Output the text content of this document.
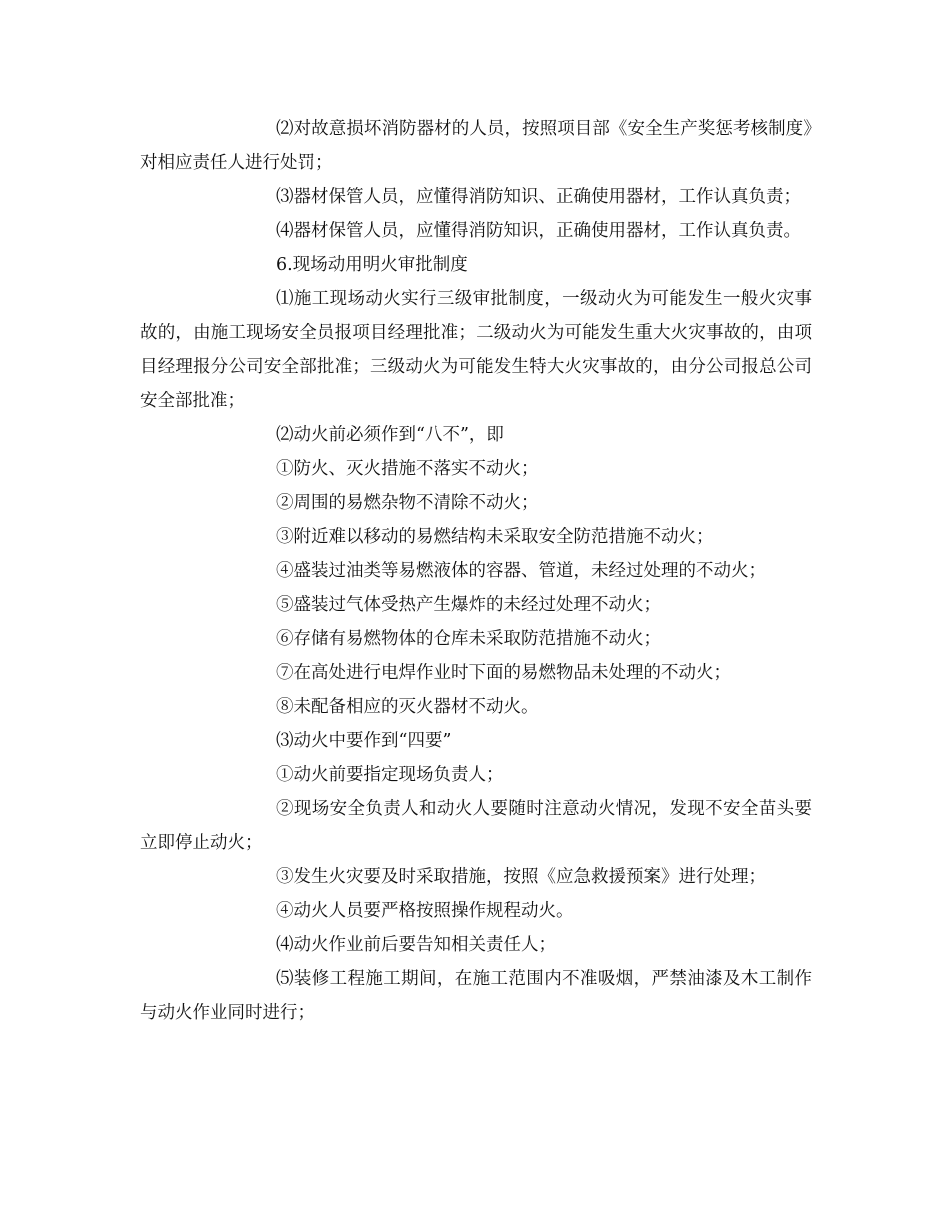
⑵对故意损坏消防器材的人员，按照项目部《安全生产奖惩考核制度》对相应责任人进行处罚；

⑶器材保管人员，应懂得消防知识、正确使用器材，工作认真负责；

⑷器材保管人员，应懂得消防知识，正确使用器材，工作认真负责。

6.现场动用明火审批制度

⑴施工现场动火实行三级审批制度，一级动火为可能发生一般火灾事故的，由施工现场安全员报项目经理批准；二级动火为可能发生重大火灾事故的，由项目经理报分公司安全部批准；三级动火为可能发生特大火灾事故的，由分公司报总公司安全部批准；

⑵动火前必须作到“八不”，即

①防火、灭火措施不落实不动火；

②周围的易燃杂物不清除不动火；

③附近难以移动的易燃结构未采取安全防范措施不动火；

④盛装过油类等易燃液体的容器、管道，未经过处理的不动火；

⑤盛装过气体受热产生爆炸的未经过处理不动火；

⑥存储有易燃物体的仓库未采取防范措施不动火；

⑦在高处进行电焊作业时下面的易燃物品未处理的不动火；

⑧未配备相应的灭火器材不动火。

⑶动火中要作到“四要”

①动火前要指定现场负责人；

②现场安全负责人和动火人要随时注意动火情况，发现不安全苗头要立即停止动火；

③发生火灾要及时采取措施，按照《应急救援预案》进行处理；

④动火人员要严格按照操作规程动火。

⑷动火作业前后要告知相关责任人；

⑸装修工程施工期间，在施工范围内不准吸烟，严禁油漆及木工制作与动火作业同时进行；
